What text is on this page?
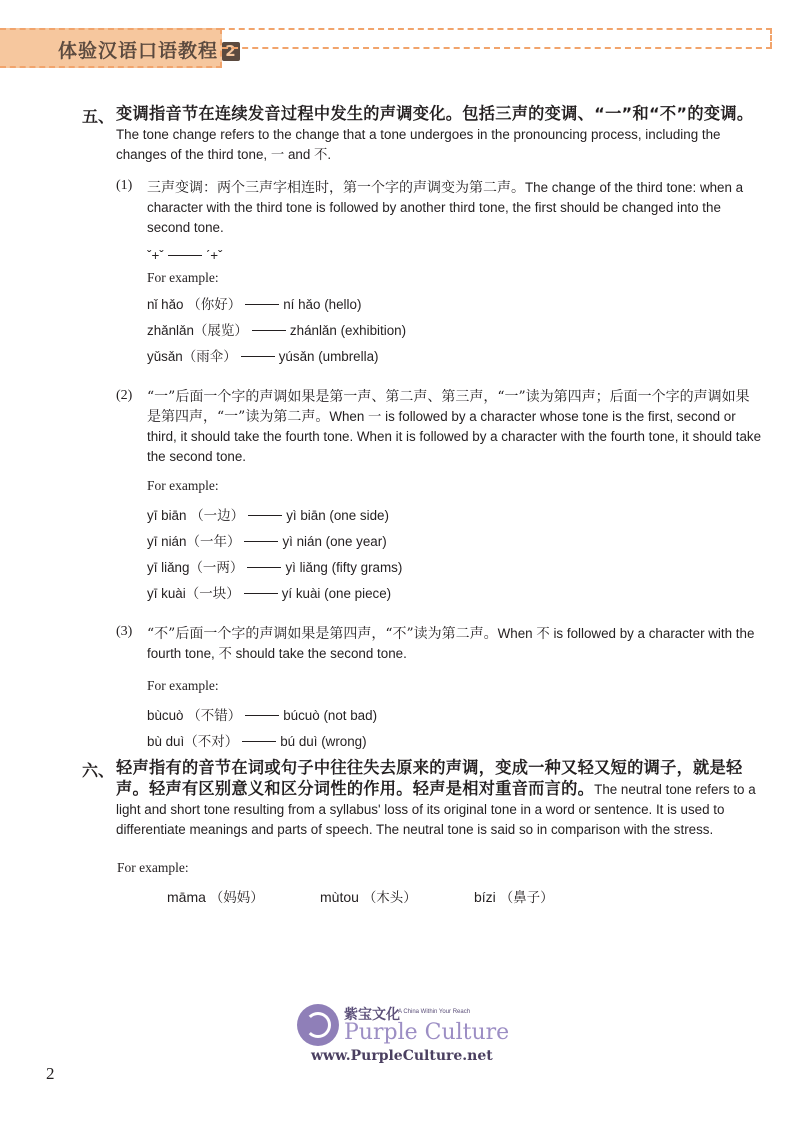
体验汉语口语教程 2
五、 变调指音节在连续发音过程中发生的声调变化。包括三声的变调、“一”和“不”的变调。The tone change refers to the change that a tone undergoes in the pronouncing process, including the changes of the third tone, 一 and 不.
(1) 三声变调：两个三声字相连时，第一个字的声调变为第二声。The change of the third tone: when a character with the third tone is followed by another third tone, the first should be changed into the second tone.
ˇ+ˇ	ˊ+ˇ
For example:
nǐ hǎo （你好）	ní hǎo (hello)
zhǎnlǎn（展览）	zhánlǎn (exhibition)
yǔsǎn（雨伞）	yúsǎn (umbrella)
(2) “一”后面一个字的声调如果是第一声、第二声、第三声，“一”读为第四声；后面一个字的声调如果是第四声，“一”读为第二声。When 一 is followed by a character whose tone is the first, second or third, it should take the fourth tone. When it is followed by a character with the fourth tone, it should take the second tone.
For example:
yī biān （一边）	yì biān (one side)
yī nián（一年）	yì nián (one year)
yī liǎng（一两）	yì liǎng (fifty grams)
yī kuài（一块）	yí kuài (one piece)
(3) “不”后面一个字的声调如果是第四声，“不”读为第二声。When 不 is followed by a character with the fourth tone, 不 should take the second tone.
For example:
bùcuò （不错）	búcuò (not bad)
bù duì（不对）	bú duì (wrong)
六、 轻声指有的音节在词或句子中往往失去原来的声调，变成一种又轻又短的调子，就是轻声。轻声有区别意义和区分词性的作用。轻声是相对重音而言的。The neutral tone refers to a light and short tone resulting from a syllabus' loss of its original tone in a word or sentence. It is used to differentiate meanings and parts of speech. The neutral tone is said so in comparison with the stress.
For example:
māma （妈妈）	mùtou （木头）	bízi （鼻子）
紫宝文化
A China Within Your Reach
Purple Culture
www.PurpleCulture.net
2
